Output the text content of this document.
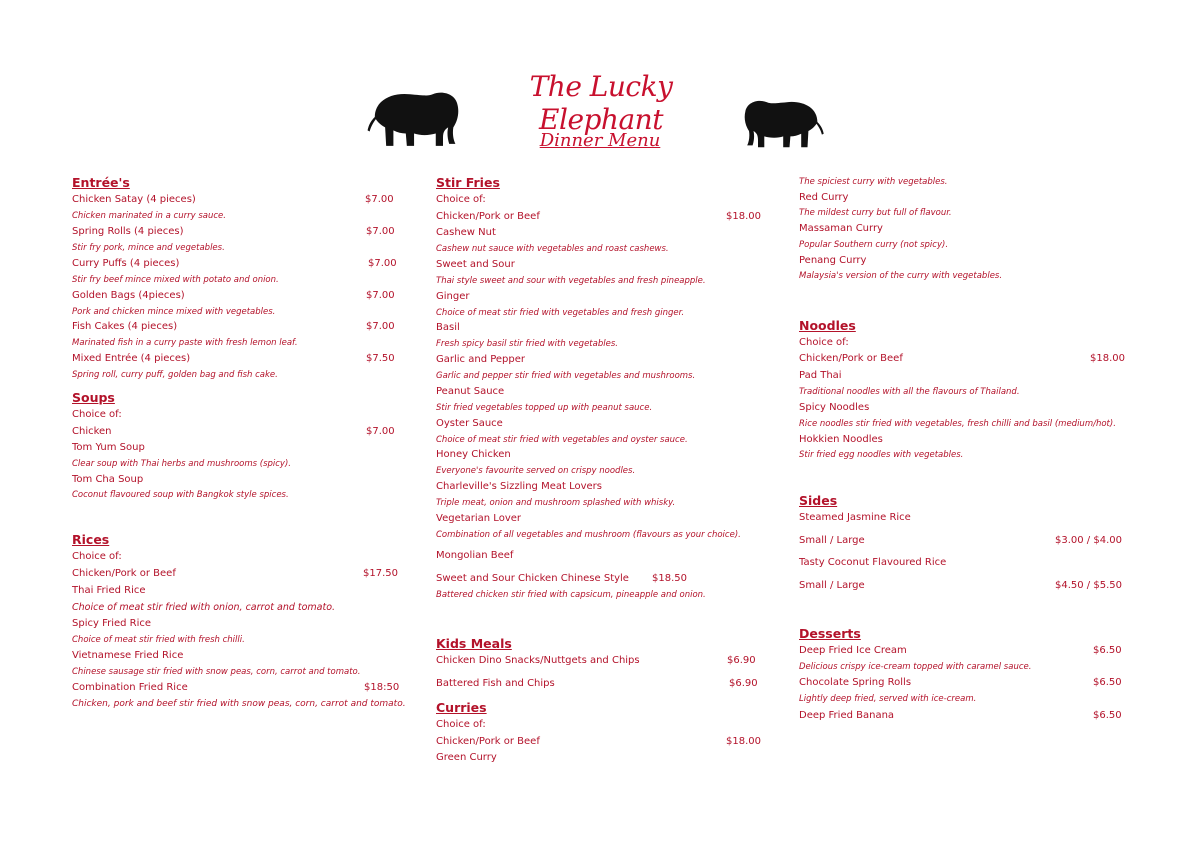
The Lucky Elephant
Dinner Menu
Entrée's
Chicken Satay (4 pieces)	$7.00
Chicken marinated in a curry sauce.
Spring Rolls (4 pieces)	$7.00
Stir fry pork, mince and vegetables.
Curry Puffs (4 pieces)	$7.00
Stir fry beef mince mixed with potato and onion.
Golden Bags (4pieces)	$7.00
Pork and chicken mince mixed with vegetables.
Fish Cakes (4 pieces)	$7.00
Marinated fish in a curry paste with fresh lemon leaf.
Mixed Entrée (4 pieces)	$7.50
Spring roll, curry puff, golden bag and fish cake.
Soups
Choice of:
Chicken	$7.00
Tom Yum Soup
Clear soup with Thai herbs and mushrooms (spicy).
Tom Cha Soup
Coconut flavoured soup with Bangkok style spices.
Rices
Choice of:
Chicken/Pork or Beef	$17.50
Thai Fried Rice
Choice of meat stir fried with onion, carrot and tomato.
Spicy Fried Rice
Choice of meat stir fried with fresh chilli.
Vietnamese Fried Rice
Chinese sausage stir fried with snow peas, corn, carrot and tomato.
Combination Fried Rice	$18:50
Chicken, pork and beef stir fried with snow peas, corn, carrot and tomato.
Stir Fries
Choice of:
Chicken/Pork or Beef	$18.00
Cashew Nut
Cashew nut sauce with vegetables and roast cashews.
Sweet and Sour
Thai style sweet and sour with vegetables and fresh pineapple.
Ginger
Choice of meat stir fried with vegetables and fresh ginger.
Basil
Fresh spicy basil stir fried with vegetables.
Garlic and Pepper
Garlic and pepper stir fried with vegetables and mushrooms.
Peanut Sauce
Stir fried vegetables topped up with peanut sauce.
Oyster Sauce
Choice of meat stir fried with vegetables and oyster sauce.
Honey Chicken
Everyone's favourite served on crispy noodles.
Charleville's Sizzling Meat Lovers
Triple meat, onion and mushroom splashed with whisky.
Vegetarian Lover
Combination of all vegetables and mushroom (flavours as your choice).
Mongolian Beef
Sweet and Sour Chicken Chinese Style $18.50
Battered chicken stir fried with capsicum, pineapple and onion.
Kids Meals
Chicken Dino Snacks/Nuttgets and Chips	$6.90
Battered Fish and Chips	$6.90
Curries
Choice of:
Chicken/Pork or Beef	$18.00
Green Curry
The spiciest curry with vegetables.
Red Curry
The mildest curry but full of flavour.
Massaman Curry
Popular Southern curry (not spicy).
Penang Curry
Malaysia's version of the curry with vegetables.
Noodles
Choice of:
Chicken/Pork or Beef	$18.00
Pad Thai
Traditional noodles with all the flavours of Thailand.
Spicy Noodles
Rice noodles stir fried with vegetables, fresh chilli and basil (medium/hot).
Hokkien Noodles
Stir fried egg noodles with vegetables.
Sides
Steamed Jasmine Rice
Small / Large	$3.00 / $4.00
Tasty Coconut Flavoured Rice
Small / Large	$4.50 / $5.50
Desserts
Deep Fried Ice Cream	$6.50
Delicious crispy ice-cream topped with caramel sauce.
Chocolate Spring Rolls	$6.50
Lightly deep fried, served with ice-cream.
Deep Fried Banana	$6.50
